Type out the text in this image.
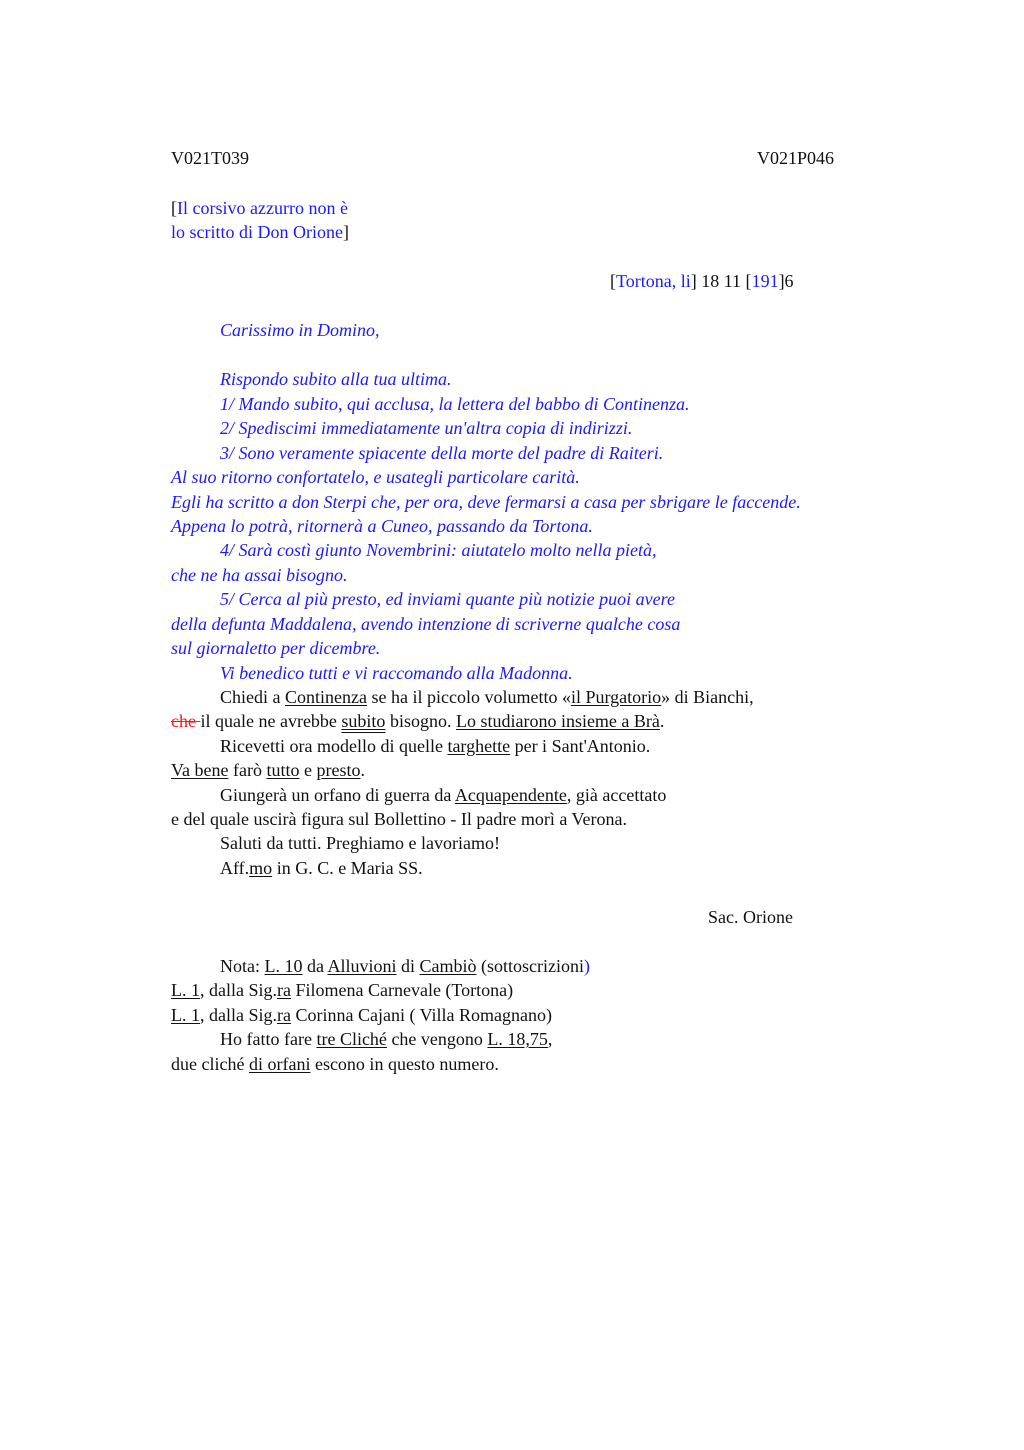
V021T039	V021P046
[Il corsivo azzurro non è
lo scritto di Don Orione]
[Tortona, li] 18 11 [191]6
Carissimo in Domino,
Rispondo subito alla tua ultima.
1/ Mando subito, qui acclusa, la lettera del babbo di Continenza.
2/ Spediscimi immediatamente un'altra copia di indirizzi.
3/ Sono veramente spiacente della morte del padre di Raiteri.
Al suo ritorno confortatelo, e usategli particolare carità.
Egli ha scritto a don Sterpi che, per ora, deve fermarsi a casa per sbrigare le faccende.
Appena lo potrà, ritornerà a Cuneo, passando da Tortona.
4/ Sarà costì giunto Novembrini: aiutatelo molto nella pietà,
che ne ha assai bisogno.
5/ Cerca al più presto, ed inviami quante più notizie puoi avere
della defunta Maddalena, avendo intenzione di scriverne qualche cosa
sul giornaletto per dicembre.
Vi benedico tutti e vi raccomando alla Madonna.
Chiedi a Continenza se ha il piccolo volumetto «il Purgatorio» di Bianchi,
che il quale ne avrebbe subito bisogno. Lo studiarono insieme a Brà.
Ricevetti ora modello di quelle targhette per i Sant'Antonio.
Va bene farò tutto e presto.
Giungerà un orfano di guerra da Acquapendente, già accettato
e del quale uscirà figura sul Bollettino - Il padre morì a Verona.
Saluti da tutti. Preghiamo e lavoriamo!
Aff.mo in G. C. e Maria SS.
Sac. Orione
Nota: L. 10 da Alluvioni di Cambiò (sottoscrizioni)
L. 1, dalla Sig.ra Filomena Carnevale (Tortona)
L. 1, dalla Sig.ra Corinna Cajani ( Villa Romagnano)
Ho fatto fare tre Cliché che vengono L. 18,75,
due cliché di orfani escono in questo numero.
